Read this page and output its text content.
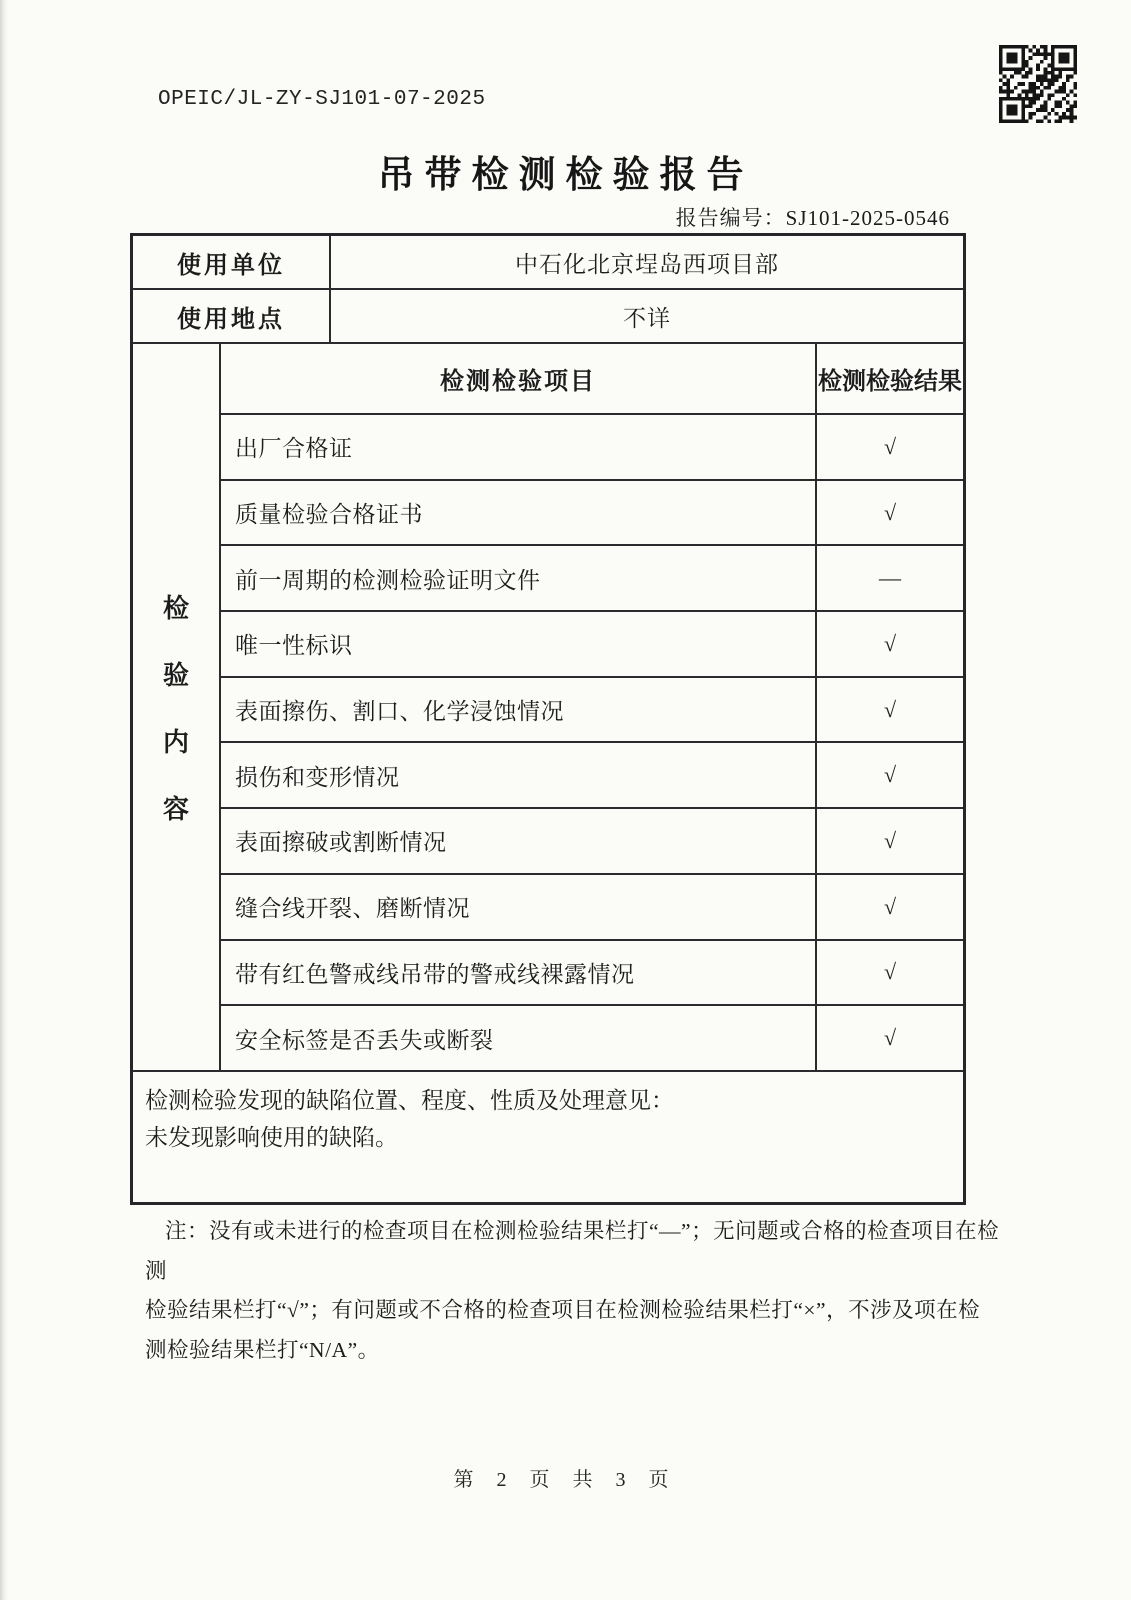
OPEIC/JL-ZY-SJ101-07-2025
吊带检测检验报告
报告编号：SJ101-2025-0546
使用单位	中石化北京埕岛西项目部
使用地点	不详
检
验
内
容
检测检验项目	检测检验结果
出厂合格证	√
质量检验合格证书	√
前一周期的检测检验证明文件	—
唯一性标识	√
表面擦伤、割口、化学浸蚀情况	√
损伤和变形情况	√
表面擦破或割断情况	√
缝合线开裂、磨断情况	√
带有红色警戒线吊带的警戒线裸露情况	√
安全标签是否丢失或断裂	√
检测检验发现的缺陷位置、程度、性质及处理意见：
未发现影响使用的缺陷。
注：没有或未进行的检查项目在检测检验结果栏打“—”；无问题或合格的检查项目在检测
检验结果栏打“√”；有问题或不合格的检查项目在检测检验结果栏打“×”，不涉及项在检
测检验结果栏打“N/A”。
第 2 页 共 3 页
